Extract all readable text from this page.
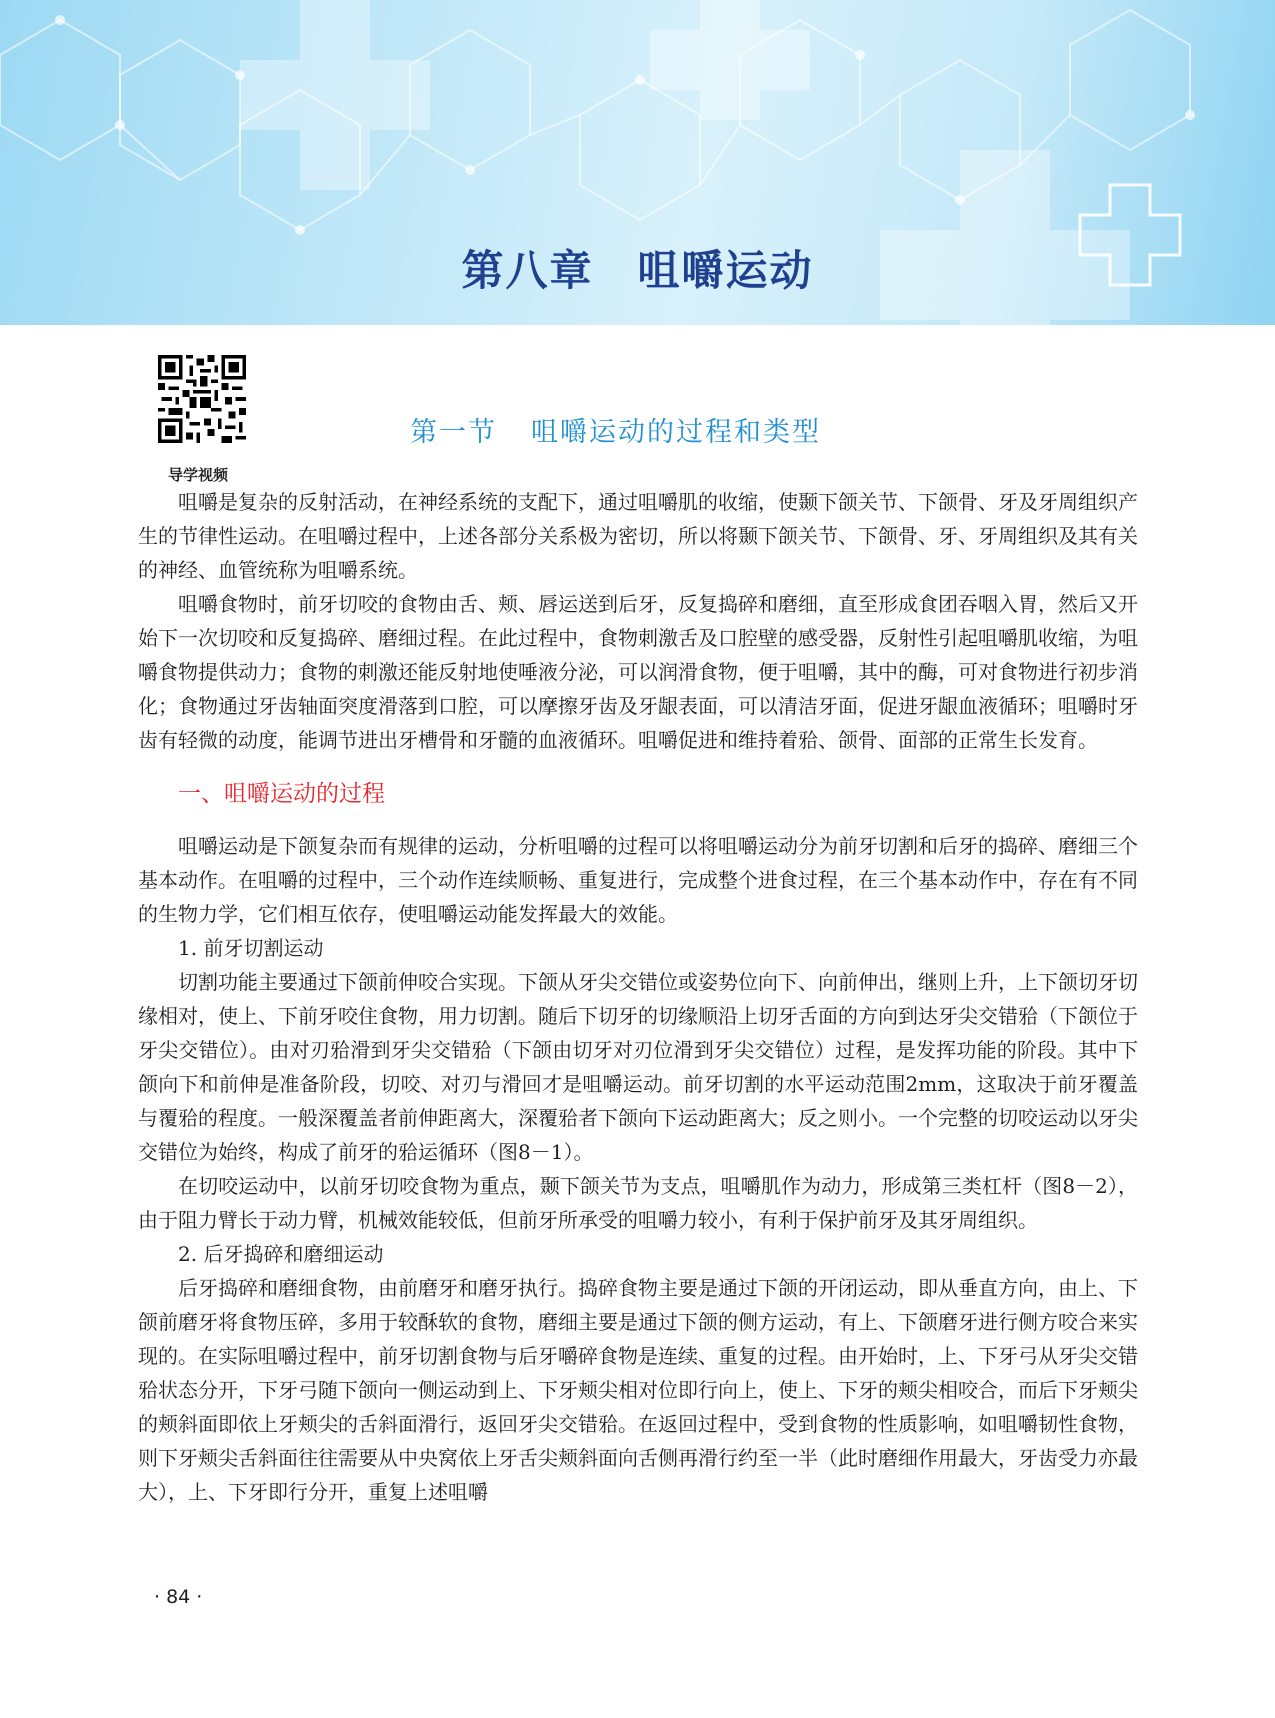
第八章 咀嚼运动
导学视频
第一节 咀嚼运动的过程和类型

咀嚼是复杂的反射活动，在神经系统的支配下，通过咀嚼肌的收缩，使颞下颌关节、下颌骨、牙及牙周组织产生的节律性运动。在咀嚼过程中，上述各部分关系极为密切，所以将颞下颌关节、下颌骨、牙、牙周组织及其有关的神经、血管统称为咀嚼系统。

咀嚼食物时，前牙切咬的食物由舌、颊、唇运送到后牙，反复捣碎和磨细，直至形成食团吞咽入胃，然后又开始下一次切咬和反复捣碎、磨细过程。在此过程中，食物刺激舌及口腔壁的感受器，反射性引起咀嚼肌收缩，为咀嚼食物提供动力；食物的刺激还能反射地使唾液分泌，可以润滑食物，便于咀嚼，其中的酶，可对食物进行初步消化；食物通过牙齿轴面突度滑落到口腔，可以摩擦牙齿及牙龈表面，可以清洁牙面，促进牙龈血液循环；咀嚼时牙齿有轻微的动度，能调节进出牙槽骨和牙髓的血液循环。咀嚼促进和维持着𬌗、颌骨、面部的正常生长发育。

一、咀嚼运动的过程

咀嚼运动是下颌复杂而有规律的运动，分析咀嚼的过程可以将咀嚼运动分为前牙切割和后牙的捣碎、磨细三个基本动作。在咀嚼的过程中，三个动作连续顺畅、重复进行，完成整个进食过程，在三个基本动作中，存在有不同的生物力学，它们相互依存，使咀嚼运动能发挥最大的效能。

1. 前牙切割运动

切割功能主要通过下颌前伸咬合实现。下颌从牙尖交错位或姿势位向下、向前伸出，继则上升，上下颌切牙切缘相对，使上、下前牙咬住食物，用力切割。随后下切牙的切缘顺沿上切牙舌面的方向到达牙尖交错𬌗（下颌位于牙尖交错位）。由对刃𬌗滑到牙尖交错𬌗（下颌由切牙对刃位滑到牙尖交错位）过程，是发挥功能的阶段。其中下颌向下和前伸是准备阶段，切咬、对刃与滑回才是咀嚼运动。前牙切割的水平运动范围2mm，这取决于前牙覆盖与覆𬌗的程度。一般深覆盖者前伸距离大，深覆𬌗者下颌向下运动距离大；反之则小。一个完整的切咬运动以牙尖交错位为始终，构成了前牙的𬌗运循环（图8－1）。

在切咬运动中，以前牙切咬食物为重点，颞下颌关节为支点，咀嚼肌作为动力，形成第三类杠杆（图8－2），由于阻力臂长于动力臂，机械效能较低，但前牙所承受的咀嚼力较小，有利于保护前牙及其牙周组织。

2. 后牙捣碎和磨细运动

后牙捣碎和磨细食物，由前磨牙和磨牙执行。捣碎食物主要是通过下颌的开闭运动，即从垂直方向，由上、下颌前磨牙将食物压碎，多用于较酥软的食物，磨细主要是通过下颌的侧方运动，有上、下颌磨牙进行侧方咬合来实现的。在实际咀嚼过程中，前牙切割食物与后牙嚼碎食物是连续、重复的过程。由开始时，上、下牙弓从牙尖交错𬌗状态分开，下牙弓随下颌向一侧运动到上、下牙颊尖相对位即行向上，使上、下牙的颊尖相咬合，而后下牙颊尖的颊斜面即依上牙颊尖的舌斜面滑行，返回牙尖交错𬌗。在返回过程中，受到食物的性质影响，如咀嚼韧性食物，则下牙颊尖舌斜面往往需要从中央窝依上牙舌尖颊斜面向舌侧再滑行约至一半（此时磨细作用最大，牙齿受力亦最大），上、下牙即行分开，重复上述咀嚼

· 84 ·
